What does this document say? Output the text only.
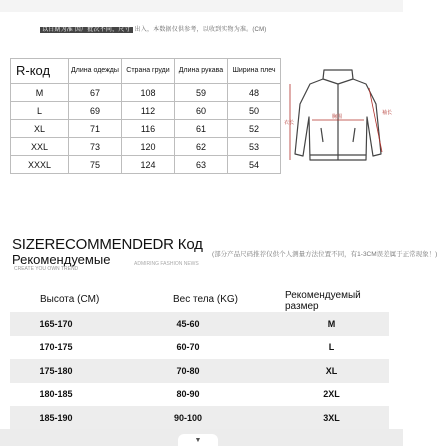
以日期为准 因厂批次不同，尺寸 出入，本数据仅供参考，以收到实物为准。(CM)
R-код	Длина одежды	Страна груди	Длина рукава	Ширина плеч
M	67	108	59	48
L	69	112	60	50
XL	71	116	61	52
XXL	73	120	62	53
XXXL	75	124	63	54
衣长
袖长
胸围
SIZERECOMMENDEDR Код
Рекомендуемые	(部分产品尺码推荐仅供个人测量方法位置不同，有1-3CM误差属于正常现象！)
ADMIRING FASHION NEWS
CREATE YOU OWN TREND
Высота (CM)	Вес тела (KG)	Рекомендуемый размер
165-170	45-60	M
170-175	60-70	L
175-180	70-80	XL
180-185	80-90	2XL
185-190	90-100	3XL
▼
